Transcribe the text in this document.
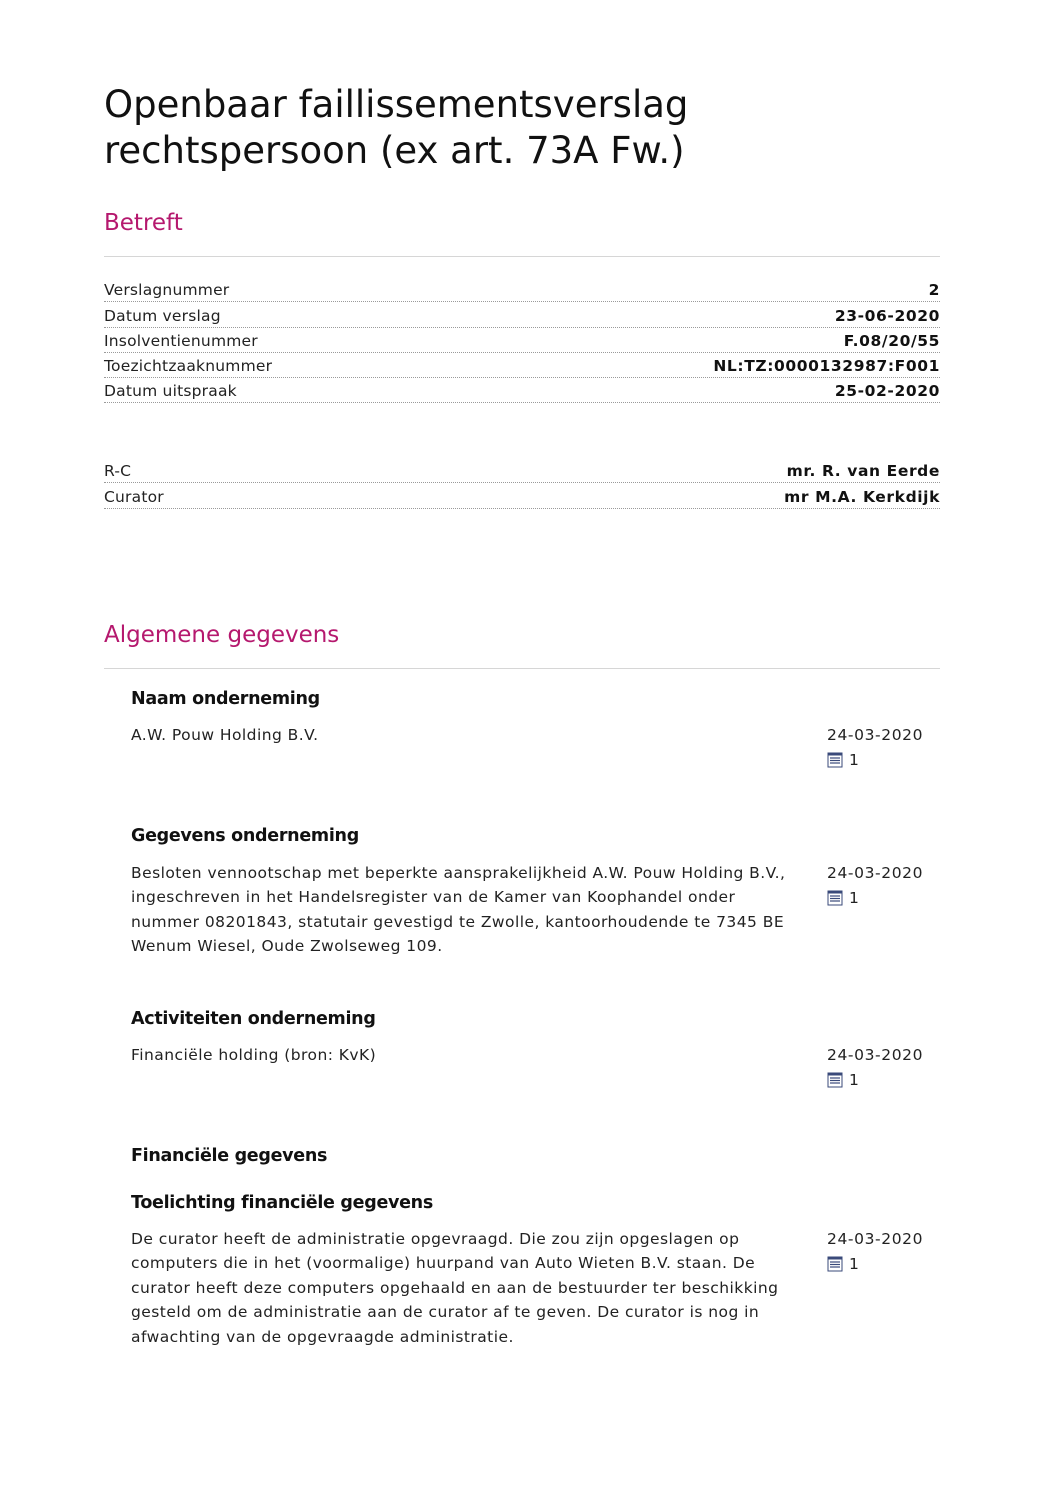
Openbaar faillissementsverslag rechtspersoon (ex art. 73A Fw.)
Betreft
Verslagnummer	2
Datum verslag	23-06-2020
Insolventienummer	F.08/20/55
Toezichtzaaknummer	NL:TZ:0000132987:F001
Datum uitspraak	25-02-2020
R-C	mr. R. van Eerde
Curator	mr M.A. Kerkdijk
Algemene gegevens
Naam onderneming

A.W. Pouw Holding B.V.	24-03-2020
1
Gegevens onderneming

Besloten vennootschap met beperkte aansprakelijkheid A.W. Pouw Holding B.V., ingeschreven in het Handelsregister van de Kamer van Koophandel onder nummer 08201843, statutair gevestigd te Zwolle, kantoorhoudende te 7345 BE Wenum Wiesel, Oude Zwolseweg 109.

24-03-2020
1
Activiteiten onderneming

Financiële holding (bron: KvK)	24-03-2020
1
Financiële gegevens
Toelichting financiële gegevens

De curator heeft de administratie opgevraagd. Die zou zijn opgeslagen op computers die in het (voormalige) huurpand van Auto Wieten B.V. staan. De curator heeft deze computers opgehaald en aan de bestuurder ter beschikking gesteld om de administratie aan de curator af te geven. De curator is nog in afwachting van de opgevraagde administratie.

24-03-2020
1
